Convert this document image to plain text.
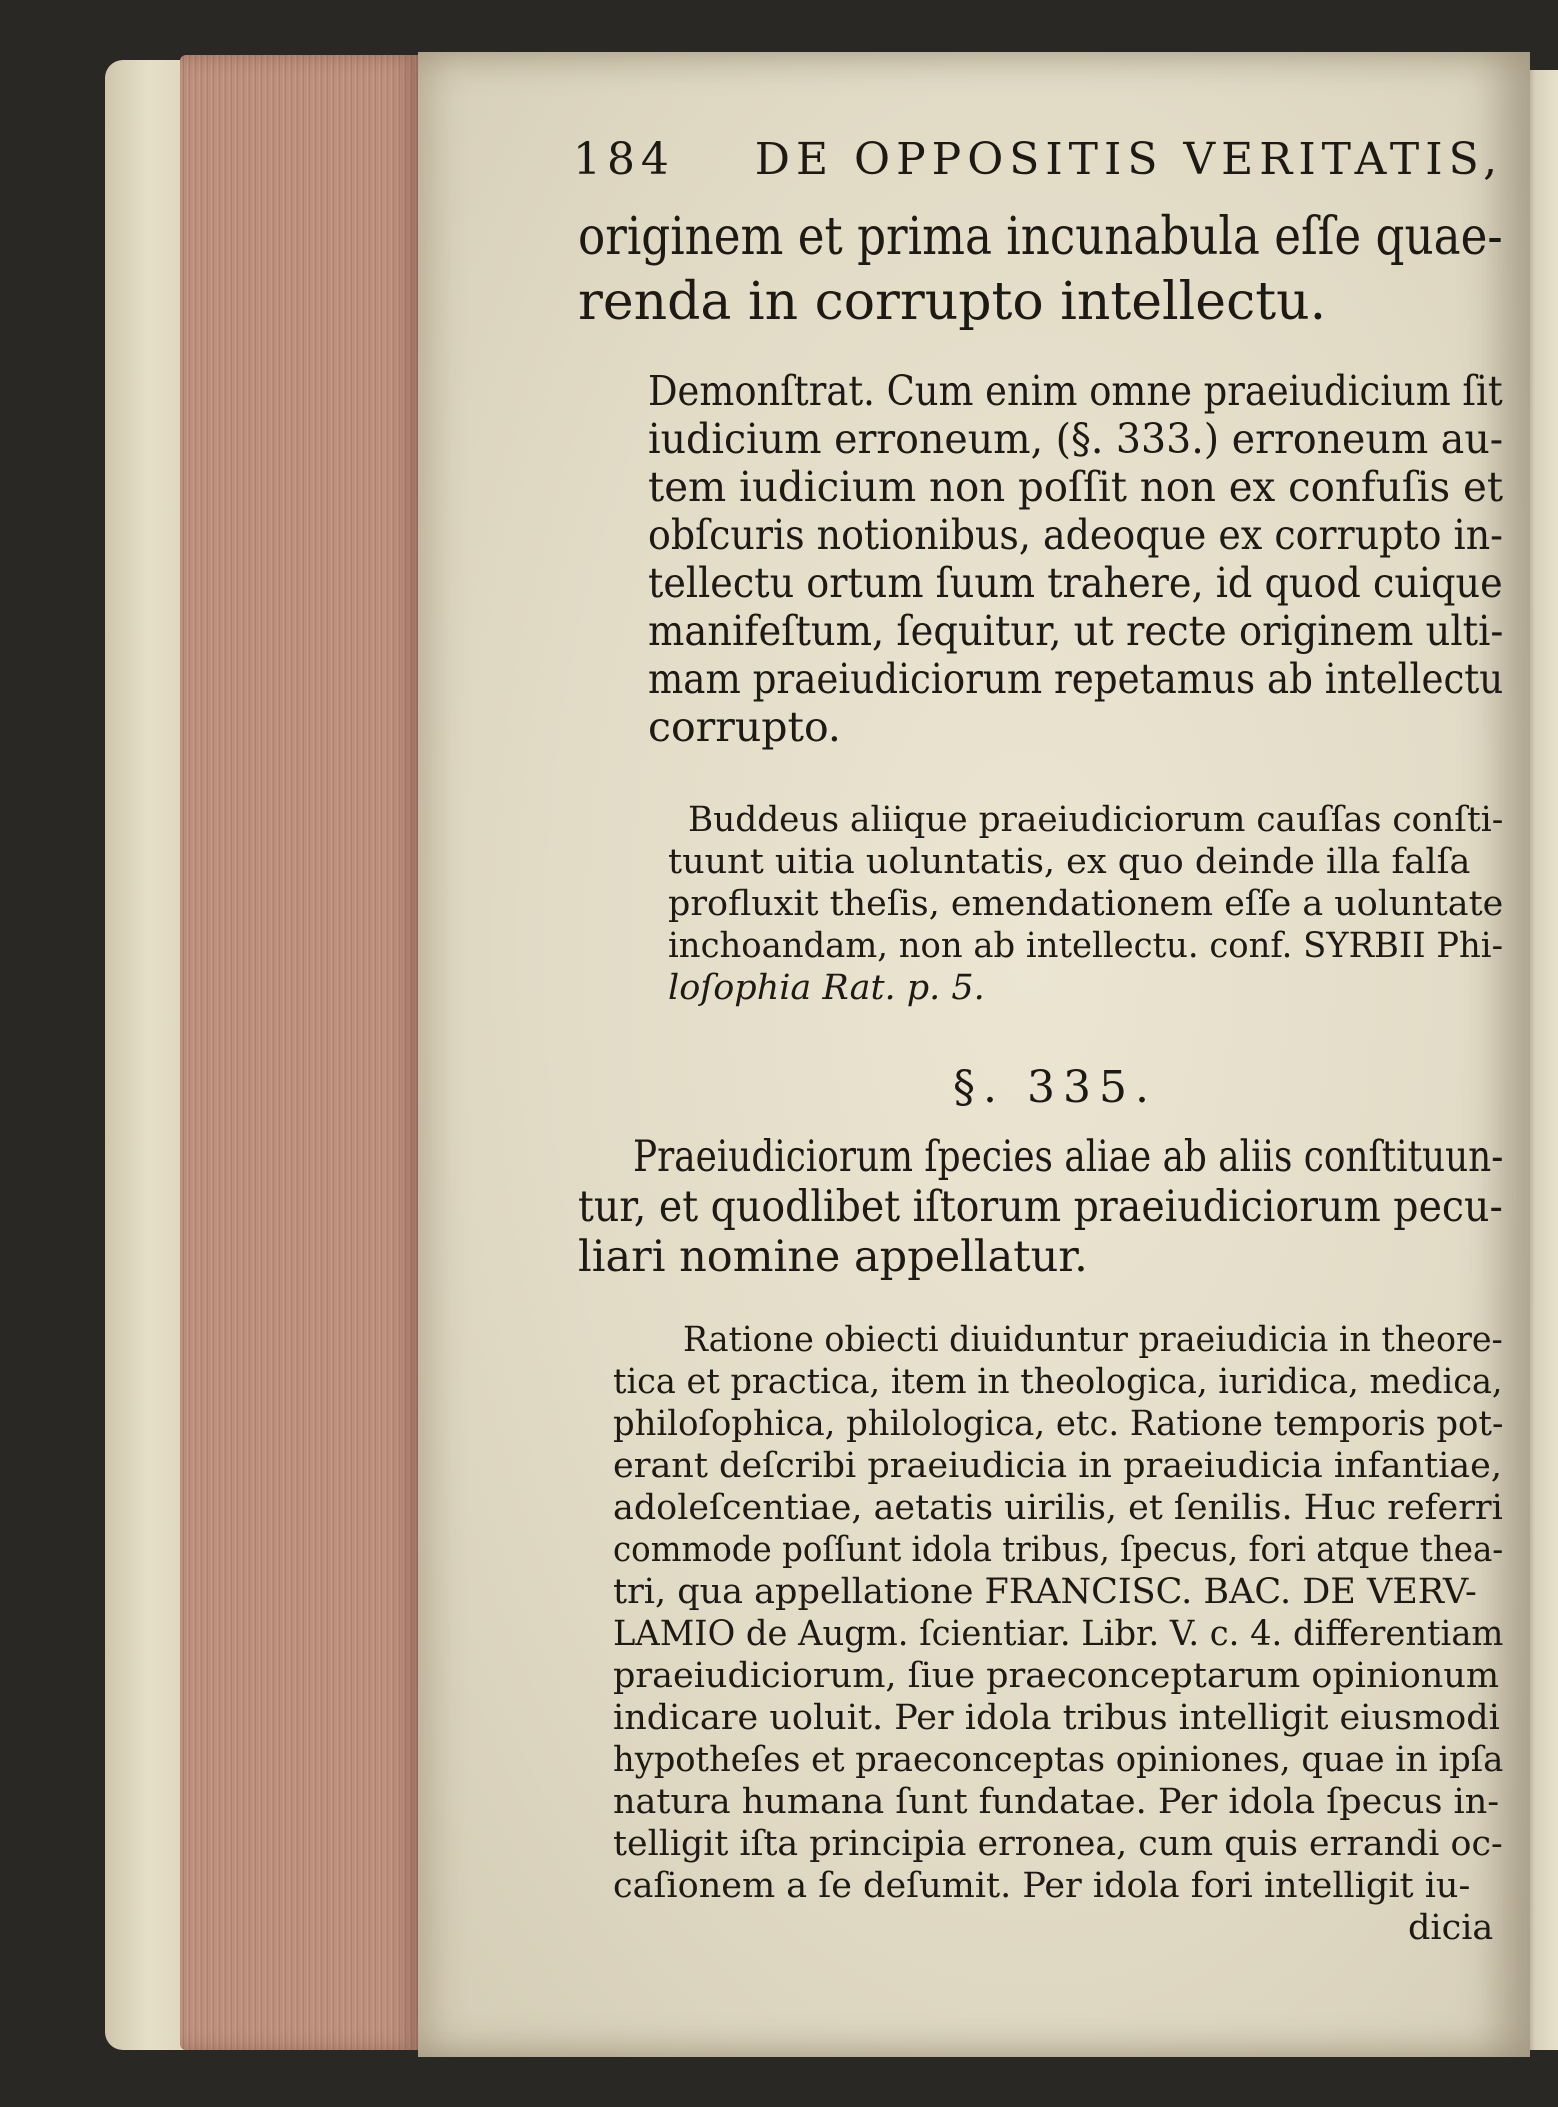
184 DE OPPOSITIS VERITATIS,
originem et prima incunabula eſſe quae-
renda in corrupto intellectu.
Demonſtrat. Cum enim omne praeiudicium ſit
iudicium erroneum, (§. 333.) erroneum au-
tem iudicium non poſſit non ex confuſis et
obſcuris notionibus, adeoque ex corrupto in-
tellectu ortum ſuum trahere, id quod cuique
manifeſtum, ſequitur, ut recte originem ulti-
mam praeiudiciorum repetamus ab intellectu
corrupto.
Buddeus aliique praeiudiciorum cauſſas conſti-
tuunt uitia uoluntatis, ex quo deinde illa falſa
profluxit theſis, emendationem eſſe a uoluntate
inchoandam, non ab intellectu. conf. SYRBII Phi-
loſophia Rat. p. 5.
§. 335.
Praeiudiciorum ſpecies aliae ab aliis conſtituun-
tur, et quodlibet iſtorum praeiudiciorum pecu-
liari nomine appellatur.
Ratione obiecti diuiduntur praeiudicia in theore-
tica et practica, item in theologica, iuridica, medica,
philoſophica, philologica, etc. Ratione temporis pot-
erant deſcribi praeiudicia in praeiudicia infantiae,
adoleſcentiae, aetatis uirilis, et ſenilis. Huc referri
commode poſſunt idola tribus, ſpecus, fori atque thea-
tri, qua appellatione FRANCISC. BAC. DE VERV-
LAMIO de Augm. ſcientiar. Libr. V. c. 4. differentiam
praeiudiciorum, ſiue praeconceptarum opinionum
indicare uoluit. Per idola tribus intelligit eiusmodi
hypotheſes et praeconceptas opiniones, quae in ipſa
natura humana ſunt fundatae. Per idola ſpecus in-
telligit iſta principia erronea, cum quis errandi oc-
caſionem a ſe deſumit. Per idola fori intelligit iu-
dicia
